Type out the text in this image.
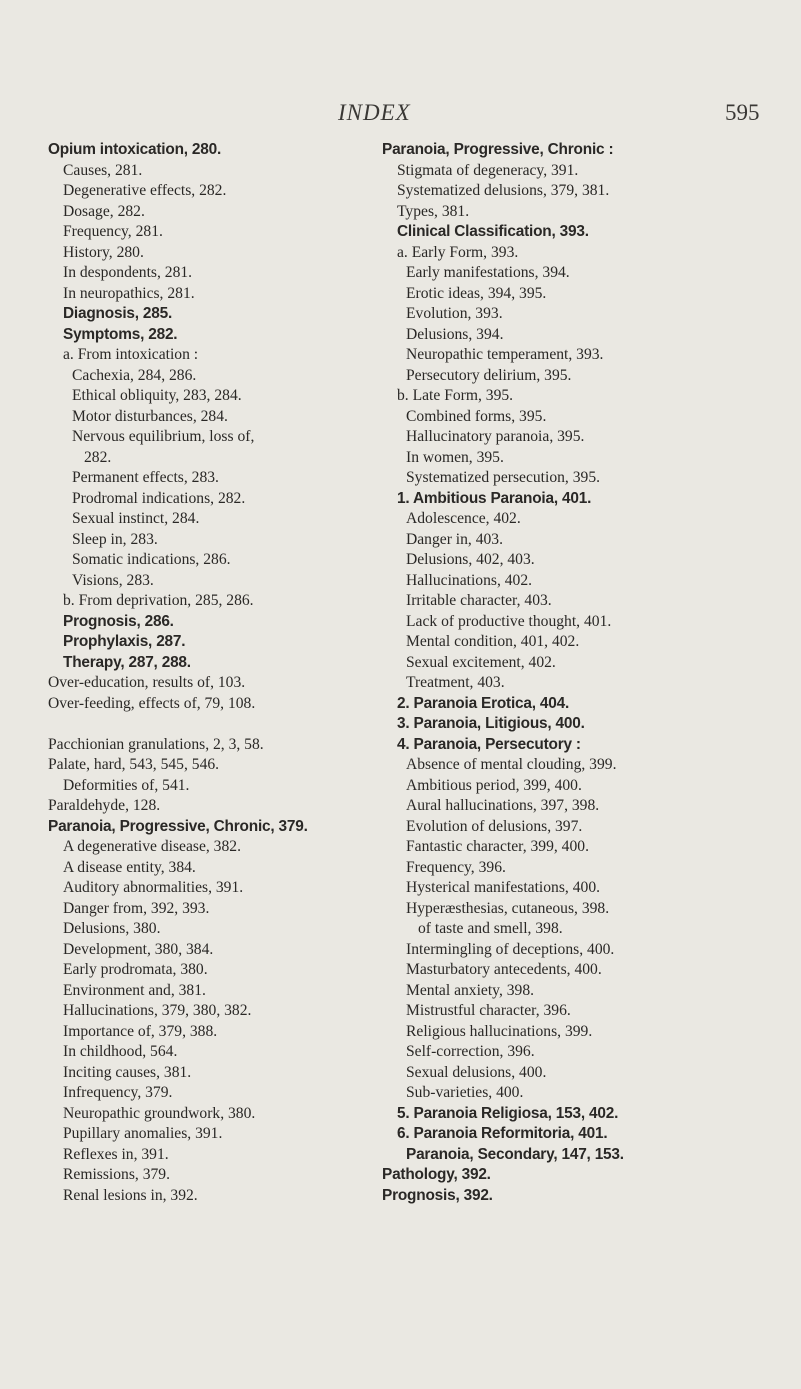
INDEX	595
Opium intoxication, 280.
Causes, 281.
Degenerative effects, 282.
Dosage, 282.
Frequency, 281.
History, 280.
In despondents, 281.
In neuropathics, 281.
Diagnosis, 285.
Symptoms, 282.
a. From intoxication :
Cachexia, 284, 286.
Ethical obliquity, 283, 284.
Motor disturbances, 284.
Nervous equilibrium, loss of,
282.
Permanent effects, 283.
Prodromal indications, 282.
Sexual instinct, 284.
Sleep in, 283.
Somatic indications, 286.
Visions, 283.
b. From deprivation, 285, 286.
Prognosis, 286.
Prophylaxis, 287.
Therapy, 287, 288.
Over-education, results of, 103.
Over-feeding, effects of, 79, 108.
Pacchionian granulations, 2, 3, 58.
Palate, hard, 543, 545, 546.
Deformities of, 541.
Paraldehyde, 128.
Paranoia, Progressive, Chronic, 379.
A degenerative disease, 382.
A disease entity, 384.
Auditory abnormalities, 391.
Danger from, 392, 393.
Delusions, 380.
Development, 380, 384.
Early prodromata, 380.
Environment and, 381.
Hallucinations, 379, 380, 382.
Importance of, 379, 388.
In childhood, 564.
Inciting causes, 381.
Infrequency, 379.
Neuropathic groundwork, 380.
Pupillary anomalies, 391.
Reflexes in, 391.
Remissions, 379.
Renal lesions in, 392.
Paranoia, Progressive, Chronic :
Stigmata of degeneracy, 391.
Systematized delusions, 379, 381.
Types, 381.
Clinical Classification, 393.
a. Early Form, 393.
Early manifestations, 394.
Erotic ideas, 394, 395.
Evolution, 393.
Delusions, 394.
Neuropathic temperament, 393.
Persecutory delirium, 395.
b. Late Form, 395.
Combined forms, 395.
Hallucinatory paranoia, 395.
In women, 395.
Systematized persecution, 395.
1. Ambitious Paranoia, 401.
Adolescence, 402.
Danger in, 403.
Delusions, 402, 403.
Hallucinations, 402.
Irritable character, 403.
Lack of productive thought, 401.
Mental condition, 401, 402.
Sexual excitement, 402.
Treatment, 403.
2. Paranoia Erotica, 404.
3. Paranoia, Litigious, 400.
4. Paranoia, Persecutory :
Absence of mental clouding, 399.
Ambitious period, 399, 400.
Aural hallucinations, 397, 398.
Evolution of delusions, 397.
Fantastic character, 399, 400.
Frequency, 396.
Hysterical manifestations, 400.
Hyperæsthesias, cutaneous, 398.
of taste and smell, 398.
Intermingling of deceptions, 400.
Masturbatory antecedents, 400.
Mental anxiety, 398.
Mistrustful character, 396.
Religious hallucinations, 399.
Self-correction, 396.
Sexual delusions, 400.
Sub-varieties, 400.
5. Paranoia Religiosa, 153, 402.
6. Paranoia Reformitoria, 401.
Paranoia, Secondary, 147, 153.
Pathology, 392.
Prognosis, 392.
